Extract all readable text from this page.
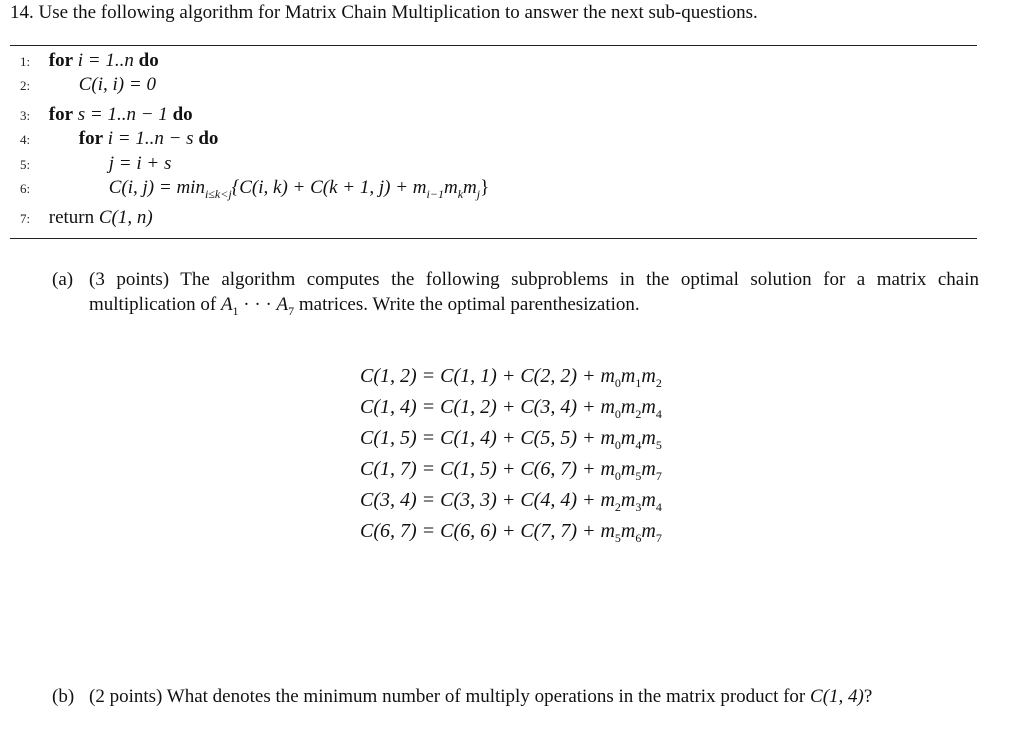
14. Use the following algorithm for Matrix Chain Multiplication to answer the next sub-questions.
1: for i = 1..n do
2:	C(i, i) = 0
3: for s = 1..n − 1 do
4:	for i = 1..n − s do
5:	j = i + s
6:	C(i, $j) = \min_{i\le k<j}\{C(i$, k) + C(k + 1, $j) + m_{i-1}m_km_j$}
7: return C(1, n)
(a) (3 points) The algorithm computes the following subproblems in the optimal solution for a matrix chain multiplication of $A_1$ · · · $A_7$ matrices. Write the optimal parenthesization.
C(1, 2) = C(1, 1) + C(2, $2) + m_0m_1m_2$
C(1, 4) = C(1, 2) + C(3, $4) + m_0m_2m_4$
C(1, 5) = C(1, 4) + C(5, $5) + m_0m_4m_5$
C(1, 7) = C(1, 5) + C(6, $7) + m_0m_5m_7$
C(3, 4) = C(3, 3) + C(4, $4) + m_2m_3m_4$
C(6, 7) = C(6, 6) + C(7, $7) + m_5m_6m_7$
(b) (2 points) What denotes the minimum number of multiply operations in the matrix product for C(1, 4)?
